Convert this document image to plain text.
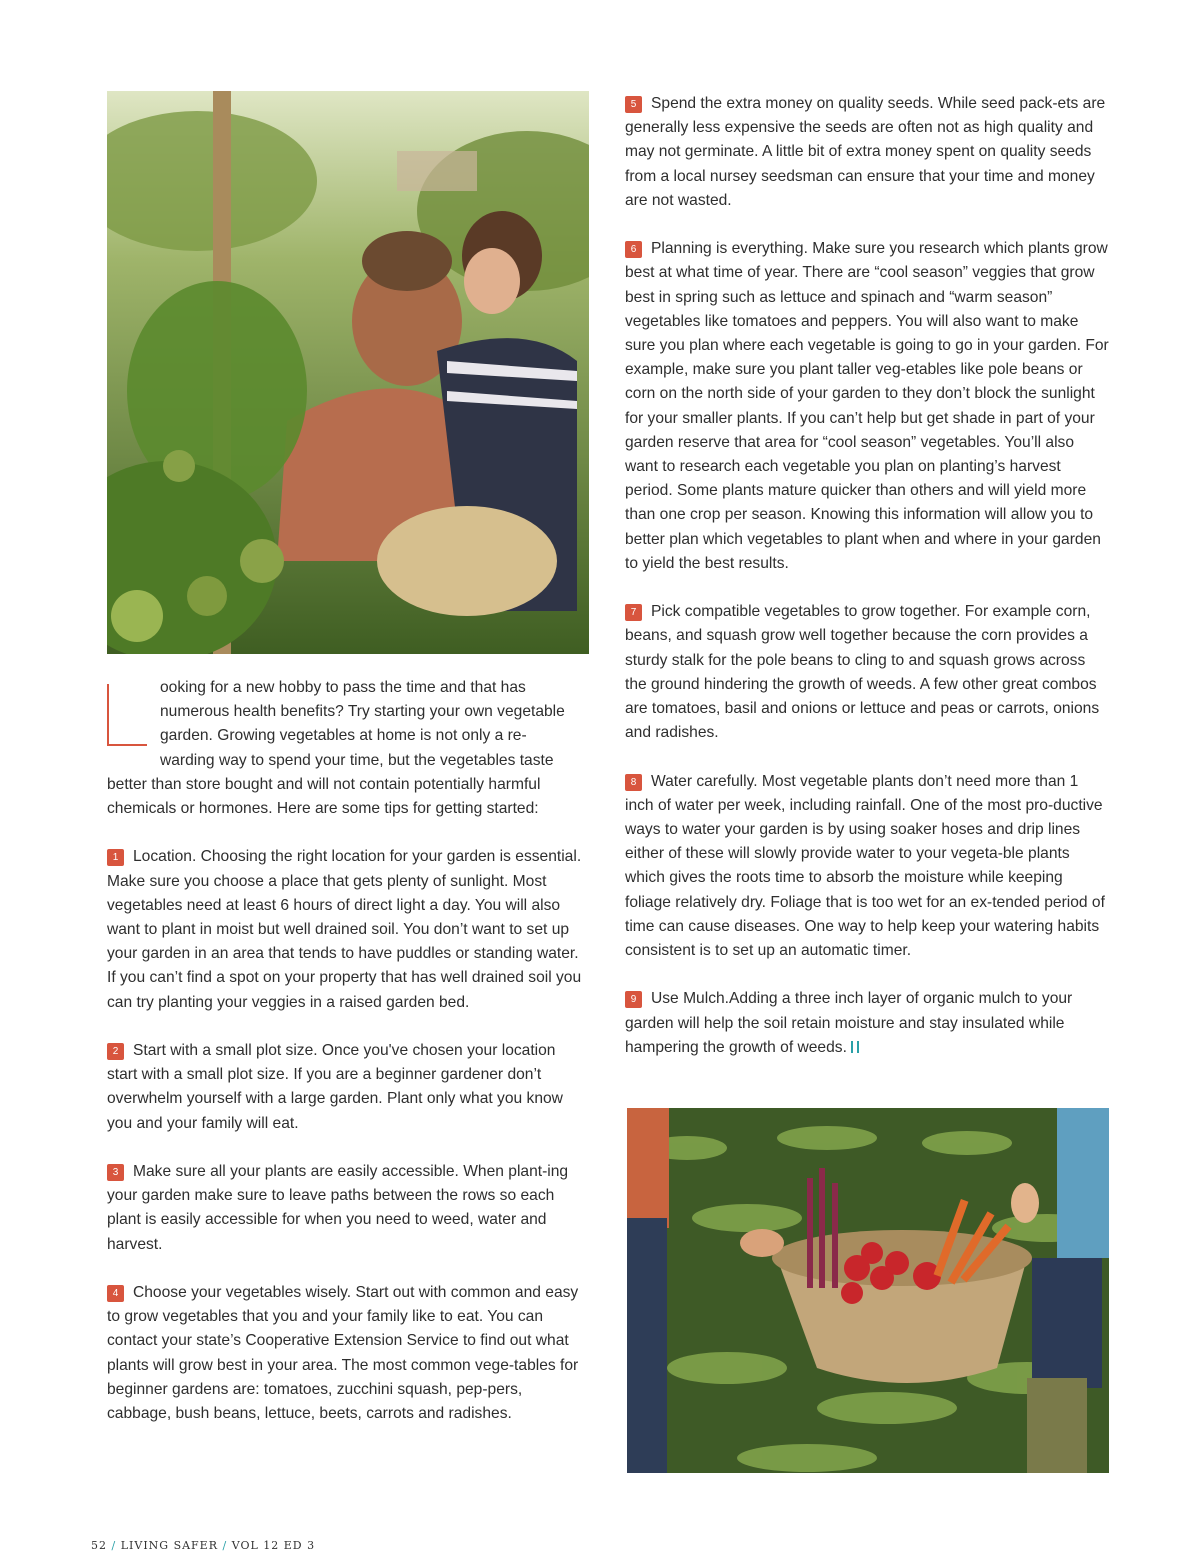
ooking for a new hobby to pass the time and that has
numerous health benefits? Try starting your own vegetable
garden. Growing vegetables at home is not only a re-
warding way to spend your time, but the vegetables taste
better than store bought and will not contain potentially harmful
chemicals or hormones. Here are some tips for getting started:

1 Location. Choosing the right location for your garden is essential. Make sure you choose a place that gets plenty of sunlight. Most vegetables need at least 6 hours of direct light a day. You will also want to plant in moist but well drained soil. You don’t want to set up your garden in an area that tends to have puddles or standing water. If you can’t find a spot on your property that has well drained soil you can try planting your veggies in a raised garden bed.

2 Start with a small plot size. Once you've chosen your location start with a small plot size. If you are a beginner gardener don’t overwhelm yourself with a large garden. Plant only what you know you and your family will eat.

3 Make sure all your plants are easily accessible. When plant-ing your garden make sure to leave paths between the rows so each plant is easily accessible for when you need to weed, water and harvest.

4 Choose your vegetables wisely. Start out with common and easy to grow vegetables that you and your family like to eat. You can contact your state’s Cooperative Extension Service to find out what plants will grow best in your area. The most common vege-tables for beginner gardens are: tomatoes, zucchini squash, pep-pers, cabbage, bush beans, lettuce, beets, carrots and radishes.

5 Spend the extra money on quality seeds. While seed pack-ets are generally less expensive the seeds are often not as high quality and may not germinate. A little bit of extra money spent on quality seeds from a local nursey seedsman can ensure that your time and money are not wasted.

6 Planning is everything. Make sure you research which plants grow best at what time of year. There are “cool season” veggies that grow best in spring such as lettuce and spinach and “warm season” vegetables like tomatoes and peppers. You will also want to make sure you plan where each vegetable is going to go in your garden. For example, make sure you plant taller veg-etables like pole beans or corn on the north side of your garden to they don’t block the sunlight for your smaller plants. If you can’t help but get shade in part of your garden reserve that area for “cool season” vegetables. You’ll also want to research each vegetable you plan on planting’s harvest period. Some plants mature quicker than others and will yield more than one crop per season. Knowing this information will allow you to better plan which vegetables to plant when and where in your garden to yield the best results.

7 Pick compatible vegetables to grow together. For example corn, beans, and squash grow well together because the corn provides a sturdy stalk for the pole beans to cling to and squash grows across the ground hindering the growth of weeds. A few other great combos are tomatoes, basil and onions or lettuce and peas or carrots, onions and radishes.

8 Water carefully. Most vegetable plants don’t need more than 1 inch of water per week, including rainfall. One of the most pro-ductive ways to water your garden is by using soaker hoses and drip lines either of these will slowly provide water to your vegeta-ble plants which gives the roots time to absorb the moisture while keeping foliage relatively dry. Foliage that is too wet for an ex-tended period of time can cause diseases. One way to help keep your watering habits consistent is to set up an automatic timer.

9 Use Mulch.Adding a three inch layer of organic mulch to your garden will help the soil retain moisture and stay insulated while hampering the growth of weeds.

52 / LIVING SAFER / VOL 12 ED 3
